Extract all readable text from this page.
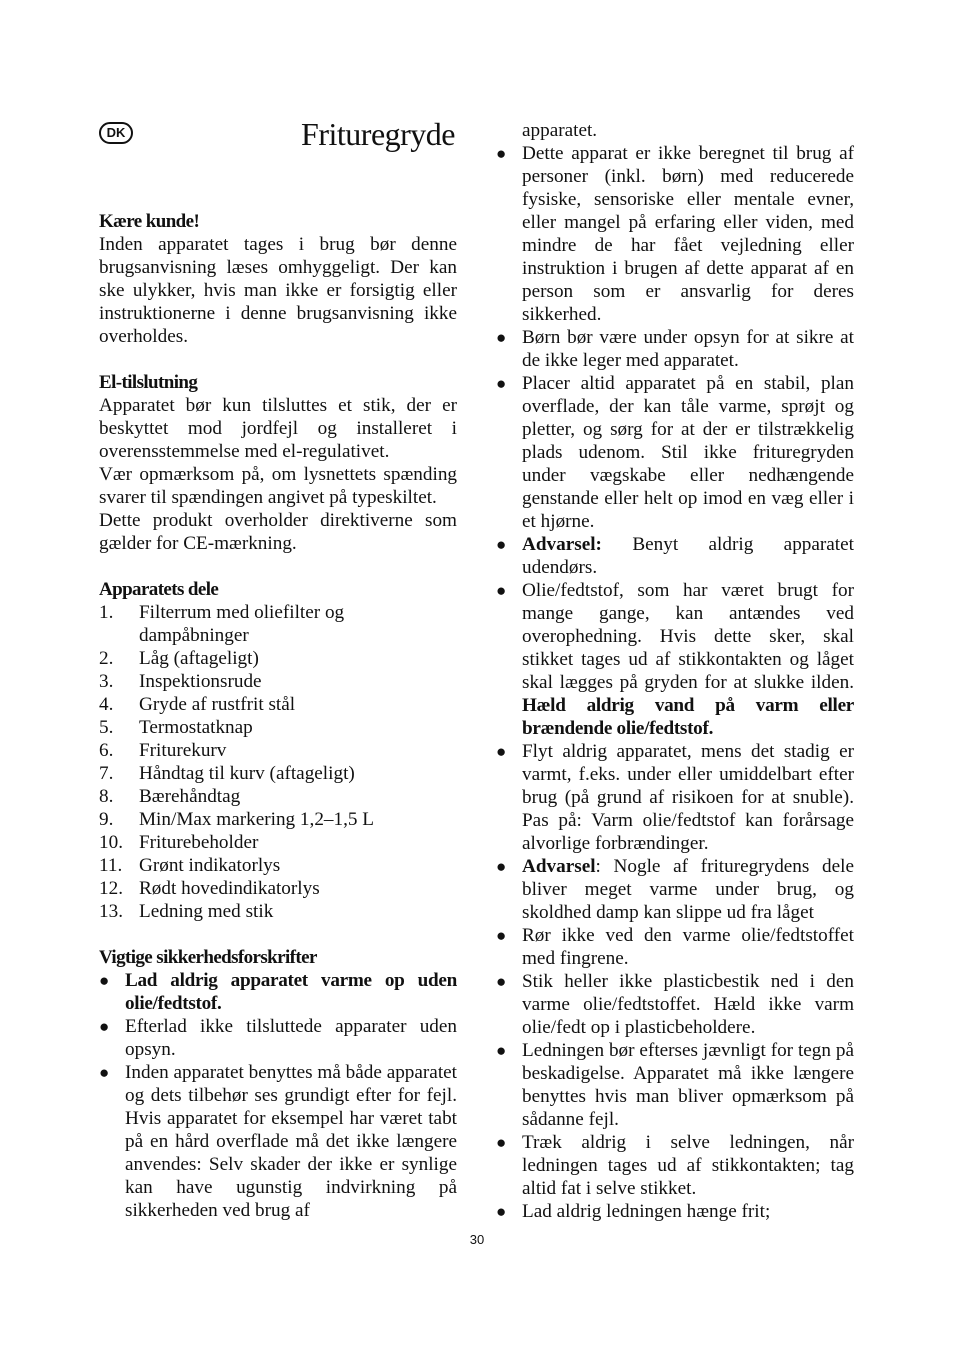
DK	Frituregryde
Kære kunde!

Inden apparatet tages i brug bør denne brugsanvisning læses omhyggeligt. Der kan ske ulykker, hvis man ikke er forsigtig eller instruktionerne i denne brugsanvisning ikke overholdes.

El-tilslutning

Apparatet bør kun tilsluttes et stik, der er beskyttet mod jordfejl og installeret i overensstemmelse med el-regulativet.

Vær opmærksom på, om lysnettets spænding svarer til spændingen angivet på typeskiltet.

Dette produkt overholder direktiverne som gælder for CE-mærkning.

Apparatets dele
1.	Filterrum med oliefilter og dampåbninger
2.	Låg (aftageligt)
3.	Inspektionsrude
4.	Gryde af rustfrit stål
5.	Termostatknap
6.	Friturekurv
7.	Håndtag til kurv (aftageligt)
8.	Bærehåndtag
9.	Min/Max markering 1,2–1,5 L
10. Friturebeholder
11. Grønt indikatorlys
12. Rødt hovedindikatorlys
13. Ledning med stik
Vigtige sikkerhedsforskrifter
● Lad aldrig apparatet varme op uden olie/fedtstof.
● Efterlad ikke tilsluttede apparater uden opsyn.
● Inden apparatet benyttes må både apparatet og dets tilbehør ses grundigt efter for fejl. Hvis apparatet for eksempel har været tabt på en hård overflade må det ikke længere anvendes: Selv skader der ikke er synlige kan have ugunstig indvirkning på sikkerheden ved brug af
apparatet.
● Dette apparat er ikke beregnet til brug af personer (inkl. børn) med reducerede fysiske, sensoriske eller mentale evner, eller mangel på erfaring eller viden, med mindre de har fået vejledning eller instruktion i brugen af dette apparat af en person som er ansvarlig for deres sikkerhed.
● Børn bør være under opsyn for at sikre at de ikke leger med apparatet.
● Placer altid apparatet på en stabil, plan overflade, der kan tåle varme, sprøjt og pletter, og sørg for at der er tilstrækkelig plads udenom. Stil ikke frituregryden under vægskabe eller nedhængende genstande eller helt op imod en væg eller i et hjørne.
● Advarsel: Benyt aldrig apparatet udendørs.
● Olie/fedtstof, som har været brugt for mange gange, kan antændes ved overophedning. Hvis dette sker, skal stikket tages ud af stikkontakten og låget skal lægges på gryden for at slukke ilden. Hæld aldrig vand på varm eller brændende olie/fedtstof.
● Flyt aldrig apparatet, mens det stadig er varmt, f.eks. under eller umiddelbart efter brug (på grund af risikoen for at snuble). Pas på: Varm olie/fedtstof kan forårsage alvorlige forbrændinger.
● Advarsel: Nogle af frituregrydens dele bliver meget varme under brug, og skoldhed damp kan slippe ud fra låget
● Rør ikke ved den varme olie/fedtstoffet med fingrene.
● Stik heller ikke plasticbestik ned i den varme olie/fedtstoffet. Hæld ikke varm olie/fedt op i plasticbeholdere.
● Ledningen bør efterses jævnligt for tegn på beskadigelse. Apparatet må ikke længere benyttes hvis man bliver opmærksom på sådanne fejl.
● Træk aldrig i selve ledningen, når ledningen tages ud af stikkontakten; tag altid fat i selve stikket.
● Lad aldrig ledningen hænge frit;
30
